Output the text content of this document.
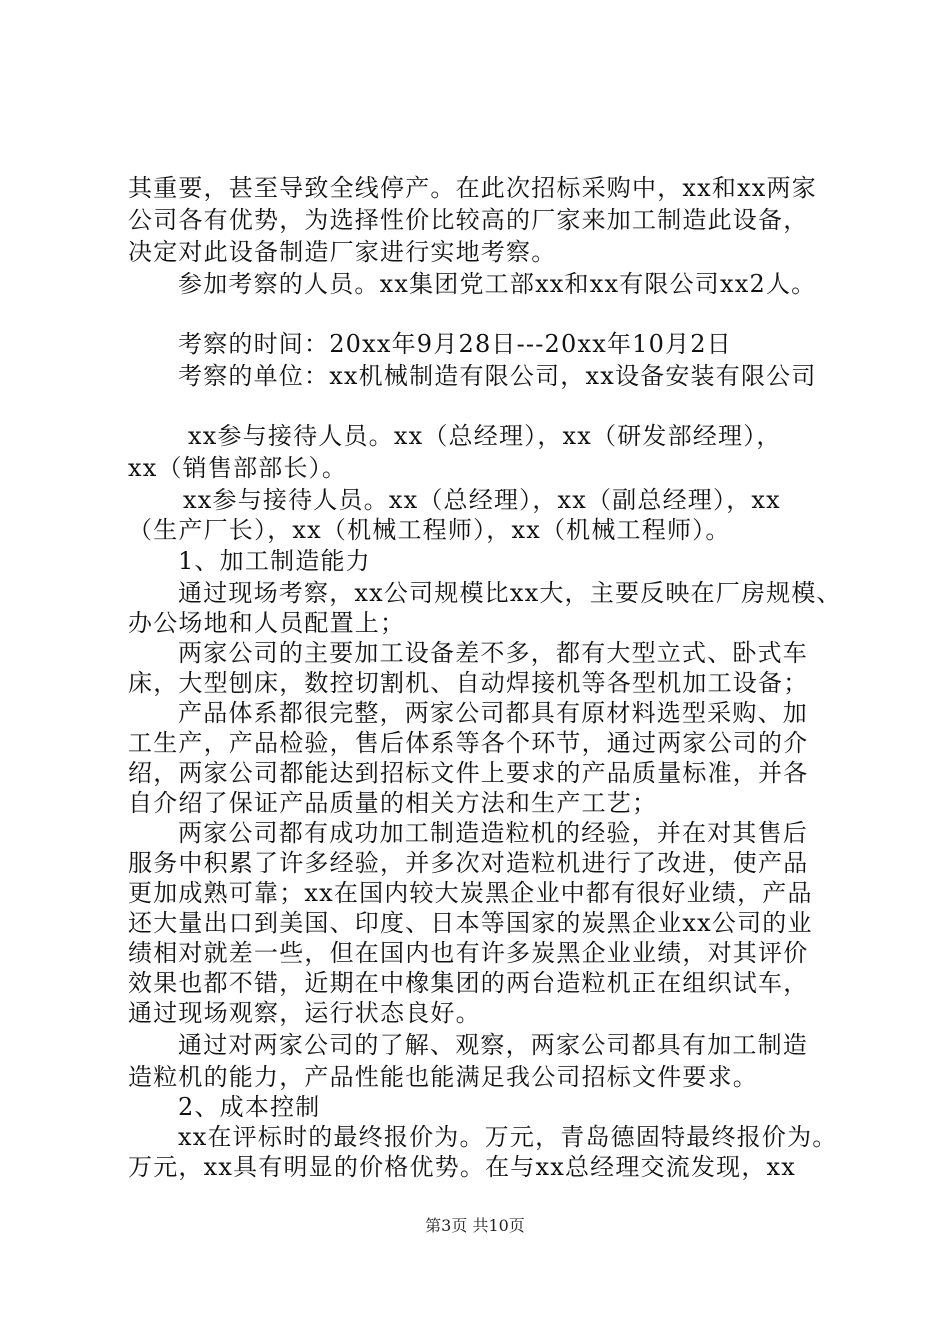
其重要，甚至导致全线停产。在此次招标采购中，xx和xx两家
公司各有优势，为选择性价比较高的厂家来加工制造此设备，
决定对此设备制造厂家进行实地考察。
参加考察的人员。xx集团党工部xx和xx有限公司xx2人。
考察的时间：20xx年9月28日---20xx年10月2日
考察的单位：xx机械制造有限公司，xx设备安装有限公司
xx参与接待人员。xx（总经理），xx（研发部经理），
xx（销售部部长）。
xx参与接待人员。xx（总经理），xx（副总经理），xx
（生产厂长），xx（机械工程师），xx（机械工程师）。
1、加工制造能力
通过现场考察，xx公司规模比xx大，主要反映在厂房规模、
办公场地和人员配置上；
两家公司的主要加工设备差不多，都有大型立式、卧式车
床，大型刨床，数控切割机、自动焊接机等各型机加工设备；
产品体系都很完整，两家公司都具有原材料选型采购、加
工生产，产品检验，售后体系等各个环节，通过两家公司的介
绍，两家公司都能达到招标文件上要求的产品质量标准，并各
自介绍了保证产品质量的相关方法和生产工艺；
两家公司都有成功加工制造造粒机的经验，并在对其售后
服务中积累了许多经验，并多次对造粒机进行了改进，使产品
更加成熟可靠；xx在国内较大炭黑企业中都有很好业绩，产品
还大量出口到美国、印度、日本等国家的炭黑企业xx公司的业
绩相对就差一些，但在国内也有许多炭黑企业业绩，对其评价
效果也都不错，近期在中橡集团的两台造粒机正在组织试车，
通过现场观察，运行状态良好。
通过对两家公司的了解、观察，两家公司都具有加工制造
造粒机的能力，产品性能也能满足我公司招标文件要求。
2、成本控制
xx在评标时的最终报价为。万元，青岛德固特最终报价为。
万元，xx具有明显的价格优势。在与xx总经理交流发现，xx
第3页 共10页
